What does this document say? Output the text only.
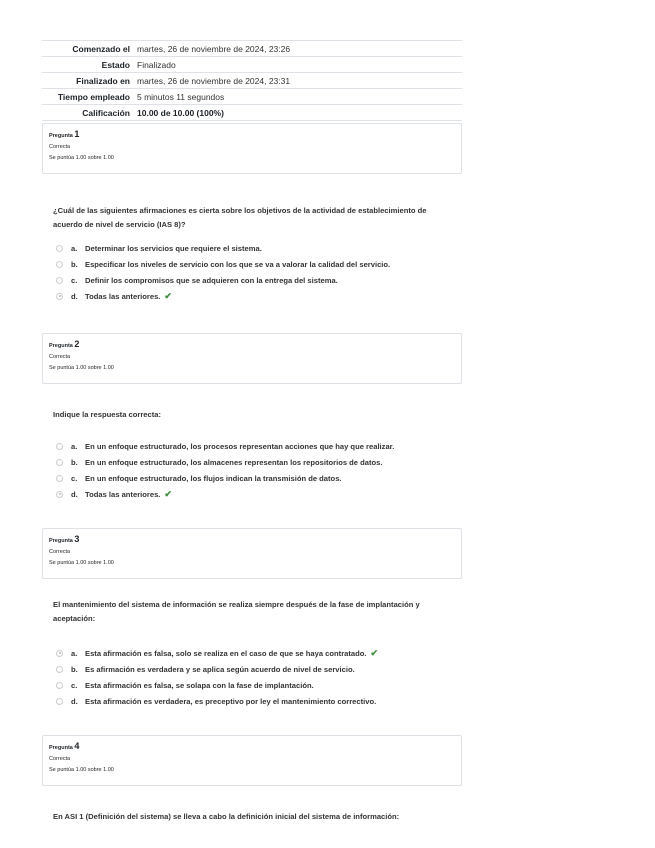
Comenzado el martes, 26 de noviembre de 2024, 23:26
Estado Finalizado
Finalizado en martes, 26 de noviembre de 2024, 23:31
Tiempo empleado 5 minutos 11 segundos
Calificación 10.00 de 10.00 (100%)
Pregunta 1
Correcta
Se puntúa 1.00 sobre 1.00
¿Cuál de las siguientes afirmaciones es cierta sobre los objetivos de la actividad de establecimiento de acuerdo de nivel de servicio (IAS 8)?
a.	Determinar los servicios que requiere el sistema.
b. Especificar los niveles de servicio con los que se va a valorar la calidad del servicio.
c.	Definir los compromisos que se adquieren con la entrega del sistema.
d. Todas las anteriores. ✔
Pregunta 2
Correcta
Se puntúa 1.00 sobre 1.00
Indique la respuesta correcta:
a.	En un enfoque estructurado, los procesos representan acciones que hay que realizar.
b. En un enfoque estructurado, los almacenes representan los repositorios de datos.
c.	En un enfoque estructurado, los flujos indican la transmisión de datos.
d. Todas las anteriores. ✔
Pregunta 3
Correcta
Se puntúa 1.00 sobre 1.00
El mantenimiento del sistema de información se realiza siempre después de la fase de implantación y aceptación:
a.	Esta afirmación es falsa, solo se realiza en el caso de que se haya contratado. ✔
b. Es afirmación es verdadera y se aplica según acuerdo de nivel de servicio.
c.	Esta afirmación es falsa, se solapa con la fase de implantación.
d. Esta afirmación es verdadera, es preceptivo por ley el mantenimiento correctivo.
Pregunta 4
Correcta
Se puntúa 1.00 sobre 1.00
En ASI 1 (Definición del sistema) se lleva a cabo la definición inicial del sistema de información:
